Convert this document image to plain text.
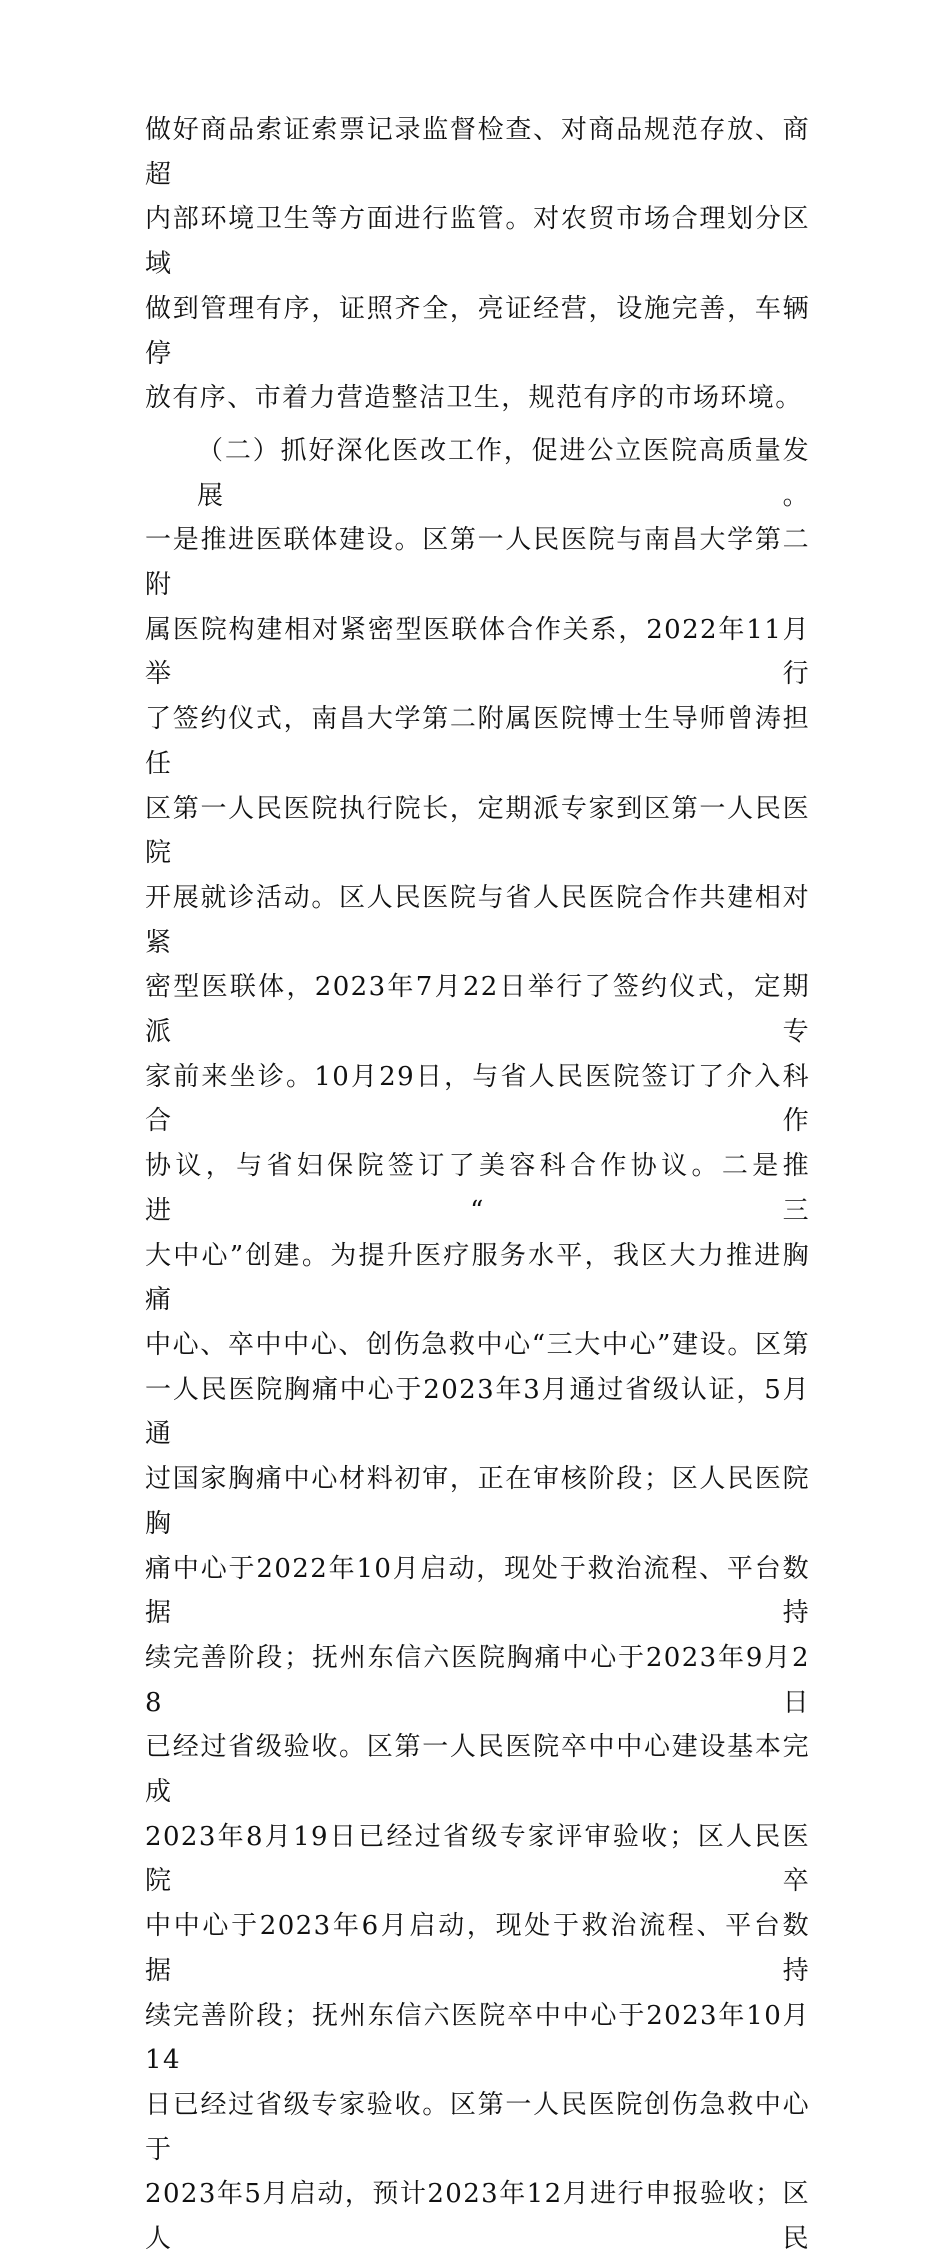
做好商品索证索票记录监督检查、对商品规范存放、商超

内部环境卫生等方面进行监管。对农贸市场合理划分区域

做到管理有序，证照齐全，亮证经营，设施完善，车辆停

放有序、市着力营造整洁卫生，规范有序的市场环境。

（二）抓好深化医改工作，促进公立医院高质量发展。

一是推进医联体建设。区第一人民医院与南昌大学第二附

属医院构建相对紧密型医联体合作关系，2022年11月举行

了签约仪式，南昌大学第二附属医院博士生导师曾涛担任

区第一人民医院执行院长，定期派专家到区第一人民医院

开展就诊活动。区人民医院与省人民医院合作共建相对紧

密型医联体，2023年7月22日举行了签约仪式，定期派专

家前来坐诊。10月29日，与省人民医院签订了介入科合作

协议，与省妇保院签订了美容科合作协议。二是推进“三

大中心”创建。为提升医疗服务水平，我区大力推进胸痛

中心、卒中中心、创伤急救中心“三大中心”建设。区第

一人民医院胸痛中心于2023年3月通过省级认证，5月通

过国家胸痛中心材料初审，正在审核阶段；区人民医院胸

痛中心于2022年10月启动，现处于救治流程、平台数据持

续完善阶段；抚州东信六医院胸痛中心于2023年9月28日

已经过省级验收。区第一人民医院卒中中心建设基本完成

2023年8月19日已经过省级专家评审验收；区人民医院卒

中中心于2023年6月启动，现处于救治流程、平台数据持

续完善阶段；抚州东信六医院卒中中心于2023年10月14

日已经过省级专家验收。区第一人民医院创伤急救中心于

2023年5月启动，预计2023年12月进行申报验收；区人民
